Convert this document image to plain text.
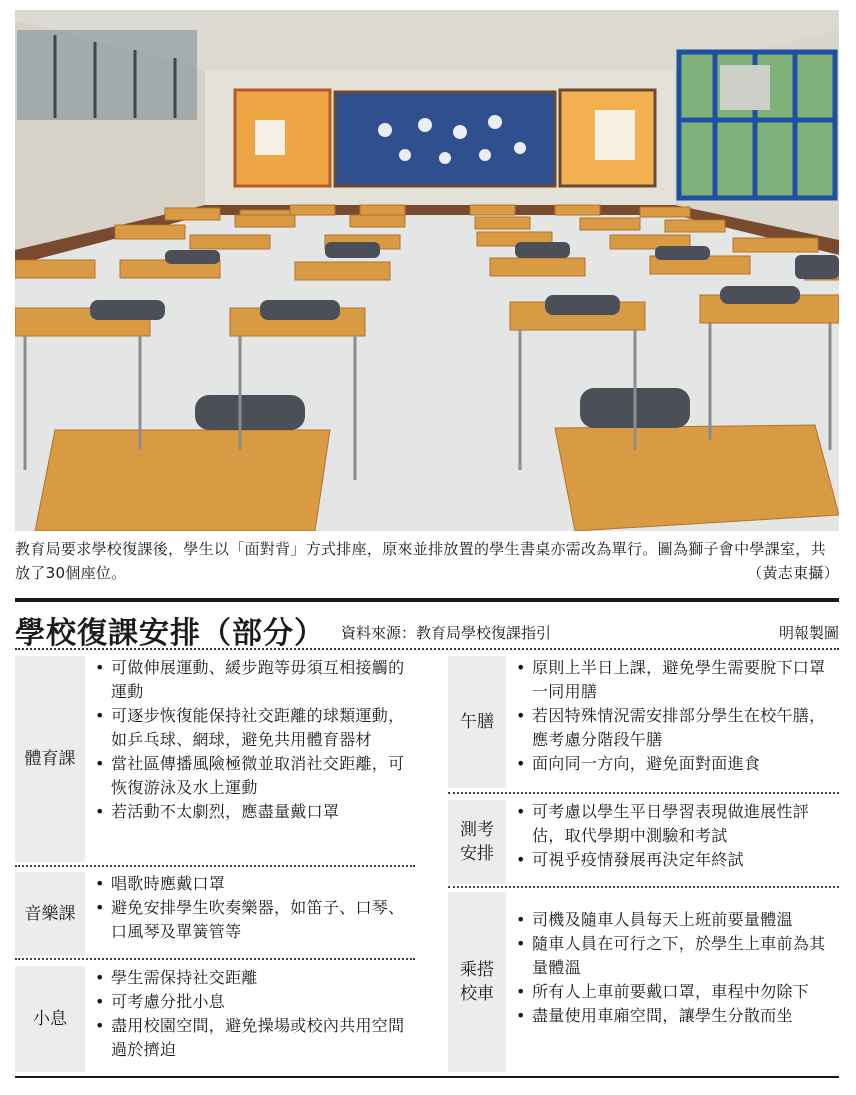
教育局要求學校復課後，學生以「面對背」方式排座，原來並排放置的學生書桌亦需改為單行。圖為獅子會中學課室，共放了30個座位。	（黃志東攝）
學校復課安排（部分） 資料來源：教育局學校復課指引	明報製圖
體育課
• 可做伸展運動、緩步跑等毋須互相接觸的運動
• 可逐步恢復能保持社交距離的球類運動，如乒乓球、網球，避免共用體育器材
• 當社區傳播風險極微並取消社交距離，可恢復游泳及水上運動
• 若活動不太劇烈，應盡量戴口罩
音樂課
• 唱歌時應戴口罩
• 避免安排學生吹奏樂器，如笛子、口琴、口風琴及單簧管等
小息
• 學生需保持社交距離
• 可考慮分批小息
• 盡用校園空間，避免操場或校內共用空間過於擠迫
午膳
• 原則上半日上課，避免學生需要脫下口罩一同用膳
• 若因特殊情況需安排部分學生在校午膳，應考慮分階段午膳
• 面向同一方向，避免面對面進食
測考
安排
• 可考慮以學生平日學習表現做進展性評估，取代學期中測驗和考試
• 可視乎疫情發展再決定年終試
乘搭
校車
• 司機及隨車人員每天上班前要量體溫
• 隨車人員在可行之下，於學生上車前為其量體溫
• 所有人上車前要戴口罩，車程中勿除下
• 盡量使用車廂空間，讓學生分散而坐
